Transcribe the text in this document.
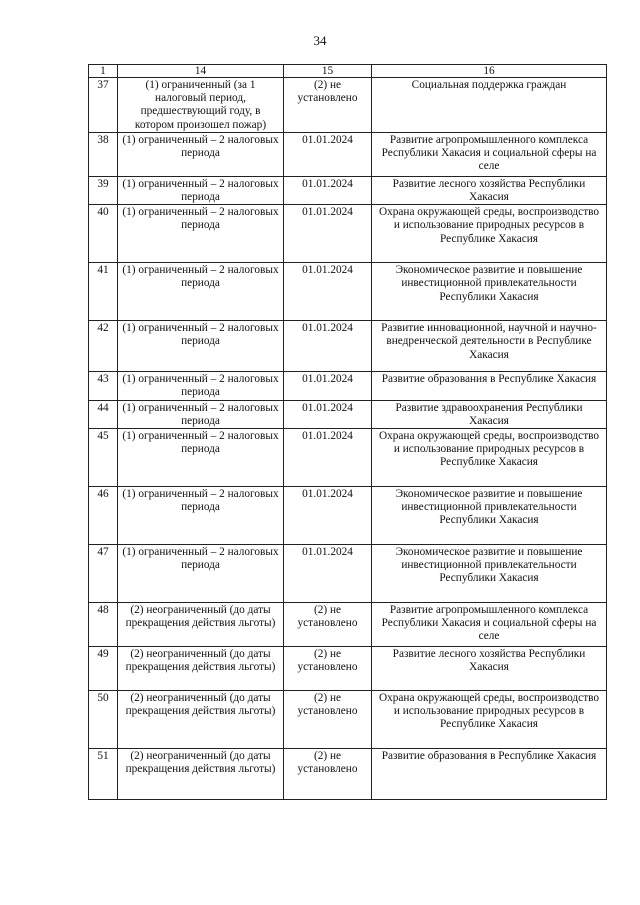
34
1	14	15	16
37	(1) ограниченный (за 1 налоговый период, предшествующий году, в котором произошел пожар)	(2) не установлено	Социальная поддержка граждан
38	(1) ограниченный – 2 налоговых периода	01.01.2024	Развитие агропромышленного комплекса Республики Хакасия и социальной сферы на селе
39	(1) ограниченный – 2 налоговых периода	01.01.2024	Развитие лесного хозяйства Республики Хакасия
40	(1) ограниченный – 2 налоговых периода	01.01.2024	Охрана окружающей среды, воспроизводство и использование природных ресурсов в Республике Хакасия
41	(1) ограниченный – 2 налоговых периода	01.01.2024	Экономическое развитие и повышение инвестиционной привлекательности Республики Хакасия
42	(1) ограниченный – 2 налоговых периода	01.01.2024	Развитие инновационной, научной и научно-внедренческой деятельности в Республике Хакасия
43	(1) ограниченный – 2 налоговых периода	01.01.2024	Развитие образования в Республике Хакасия
44	(1) ограниченный – 2 налоговых периода	01.01.2024	Развитие здравоохранения Республики Хакасия
45	(1) ограниченный – 2 налоговых периода	01.01.2024	Охрана окружающей среды, воспроизводство и использование природных ресурсов в Республике Хакасия
46	(1) ограниченный – 2 налоговых периода	01.01.2024	Экономическое развитие и повышение инвестиционной привлекательности Республики Хакасия
47	(1) ограниченный – 2 налоговых периода	01.01.2024	Экономическое развитие и повышение инвестиционной привлекательности Республики Хакасия
48	(2) неограниченный (до даты прекращения действия льготы)	(2) не установлено	Развитие агропромышленного комплекса Республики Хакасия и социальной сферы на селе
49	(2) неограниченный (до даты прекращения действия льготы)	(2) не установлено	Развитие лесного хозяйства Республики Хакасия
50	(2) неограниченный (до даты прекращения действия льготы)	(2) не установлено	Охрана окружающей среды, воспроизводство и использование природных ресурсов в Республике Хакасия
51	(2) неограниченный (до даты прекращения действия льготы)	(2) не установлено	Развитие образования в Республике Хакасия
